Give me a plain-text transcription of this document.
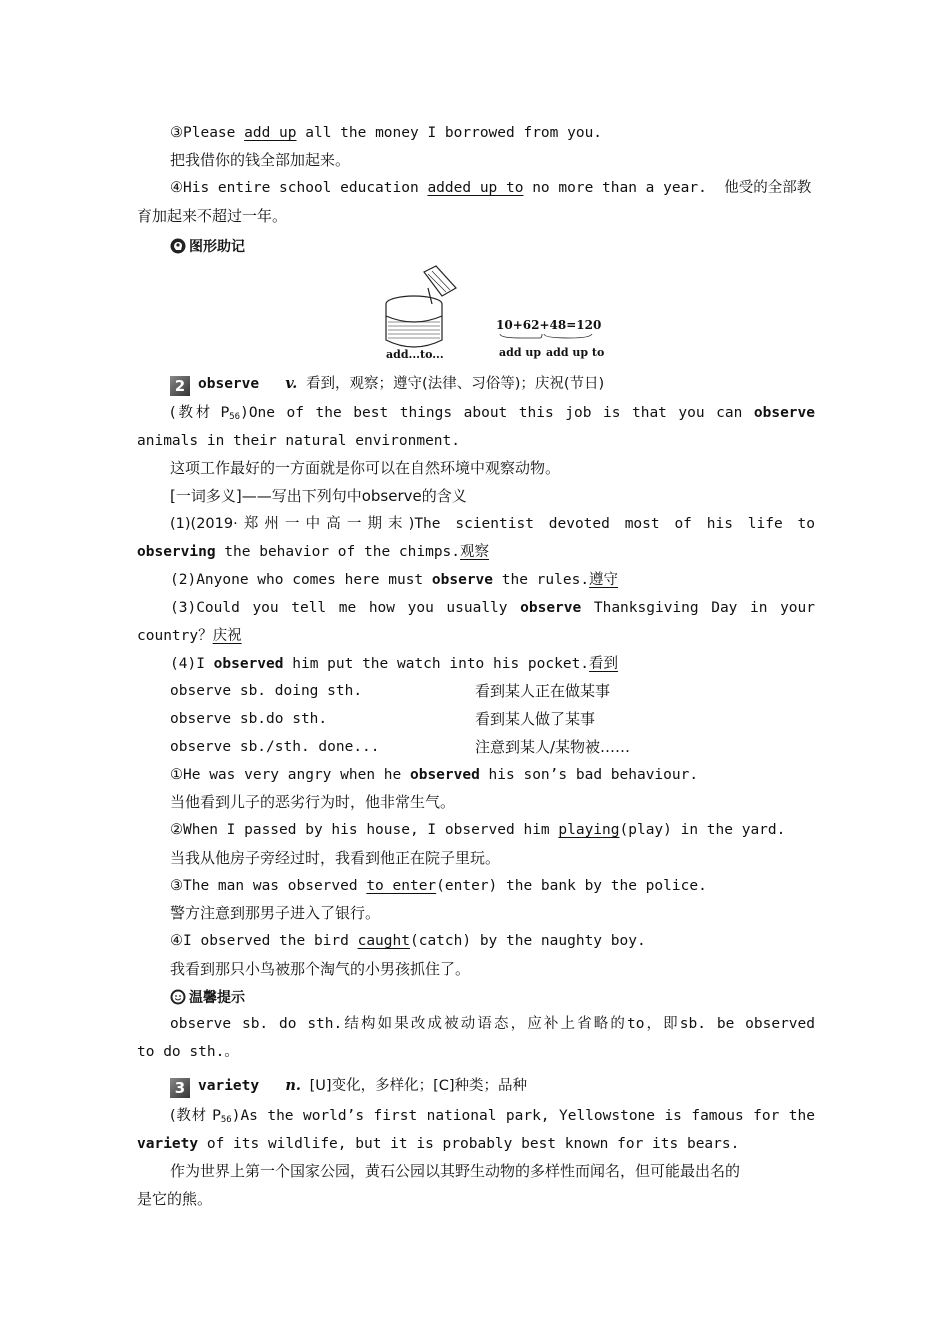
③Please add up all the money I borrowed from you.
把我借你的钱全部加起来。
④His entire school education added up to no more than a year.  他受的全部教
育加起来不超过一年。
图形助记
add...to...
10+62+48=120
add up add up to
2 observe v. 看到，观察；遵守(法律、习俗等)；庆祝(节日)
(教材 $P_{56})One$ of the best things about this job is that you can observe
animals in their natural environment.
这项工作最好的一方面就是你可以在自然环境中观察动物。
[一词多义]——写出下列句中observe的含义
(1)(2019·郑州一中高一期末)The scientist devoted most of his life to
observing the behavior of the chimps.观察
(2)Anyone who comes here must observe the rules.遵守
(3)Could you tell me how you usually observe Thanksgiving Day in your
country？庆祝
(4)I observed him put the watch into his pocket.看到
observe sb. doing sth.	看到某人正在做某事
observe sb.do sth.	看到某人做了某事
observe sb./sth. done...	注意到某人/某物被……
①He was very angry when he observed his son’s bad behaviour.
当他看到儿子的恶劣行为时，他非常生气。
②When I passed by his house, I observed him playing(play) in the yard.
当我从他房子旁经过时，我看到他正在院子里玩。
③The man was observed to enter(enter) the bank by the police.
警方注意到那男子进入了银行。
④I observed the bird caught(catch) by the naughty boy.
我看到那只小鸟被那个淘气的小男孩抓住了。
温馨提示
observe sb. do sth.结构如果改成被动语态，应补上省略的to，即sb. be observed
to do sth.。
3 variety n. [U]变化，多样化；[C]种类；品种
(教材 $P_{56})As$ the world’s first national park, Yellowstone is famous for the
variety of its wildlife, but it is probably best known for its bears.
作为世界上第一个国家公园，黄石公园以其野生动物的多样性而闻名，但可能最出名的
是它的熊。
